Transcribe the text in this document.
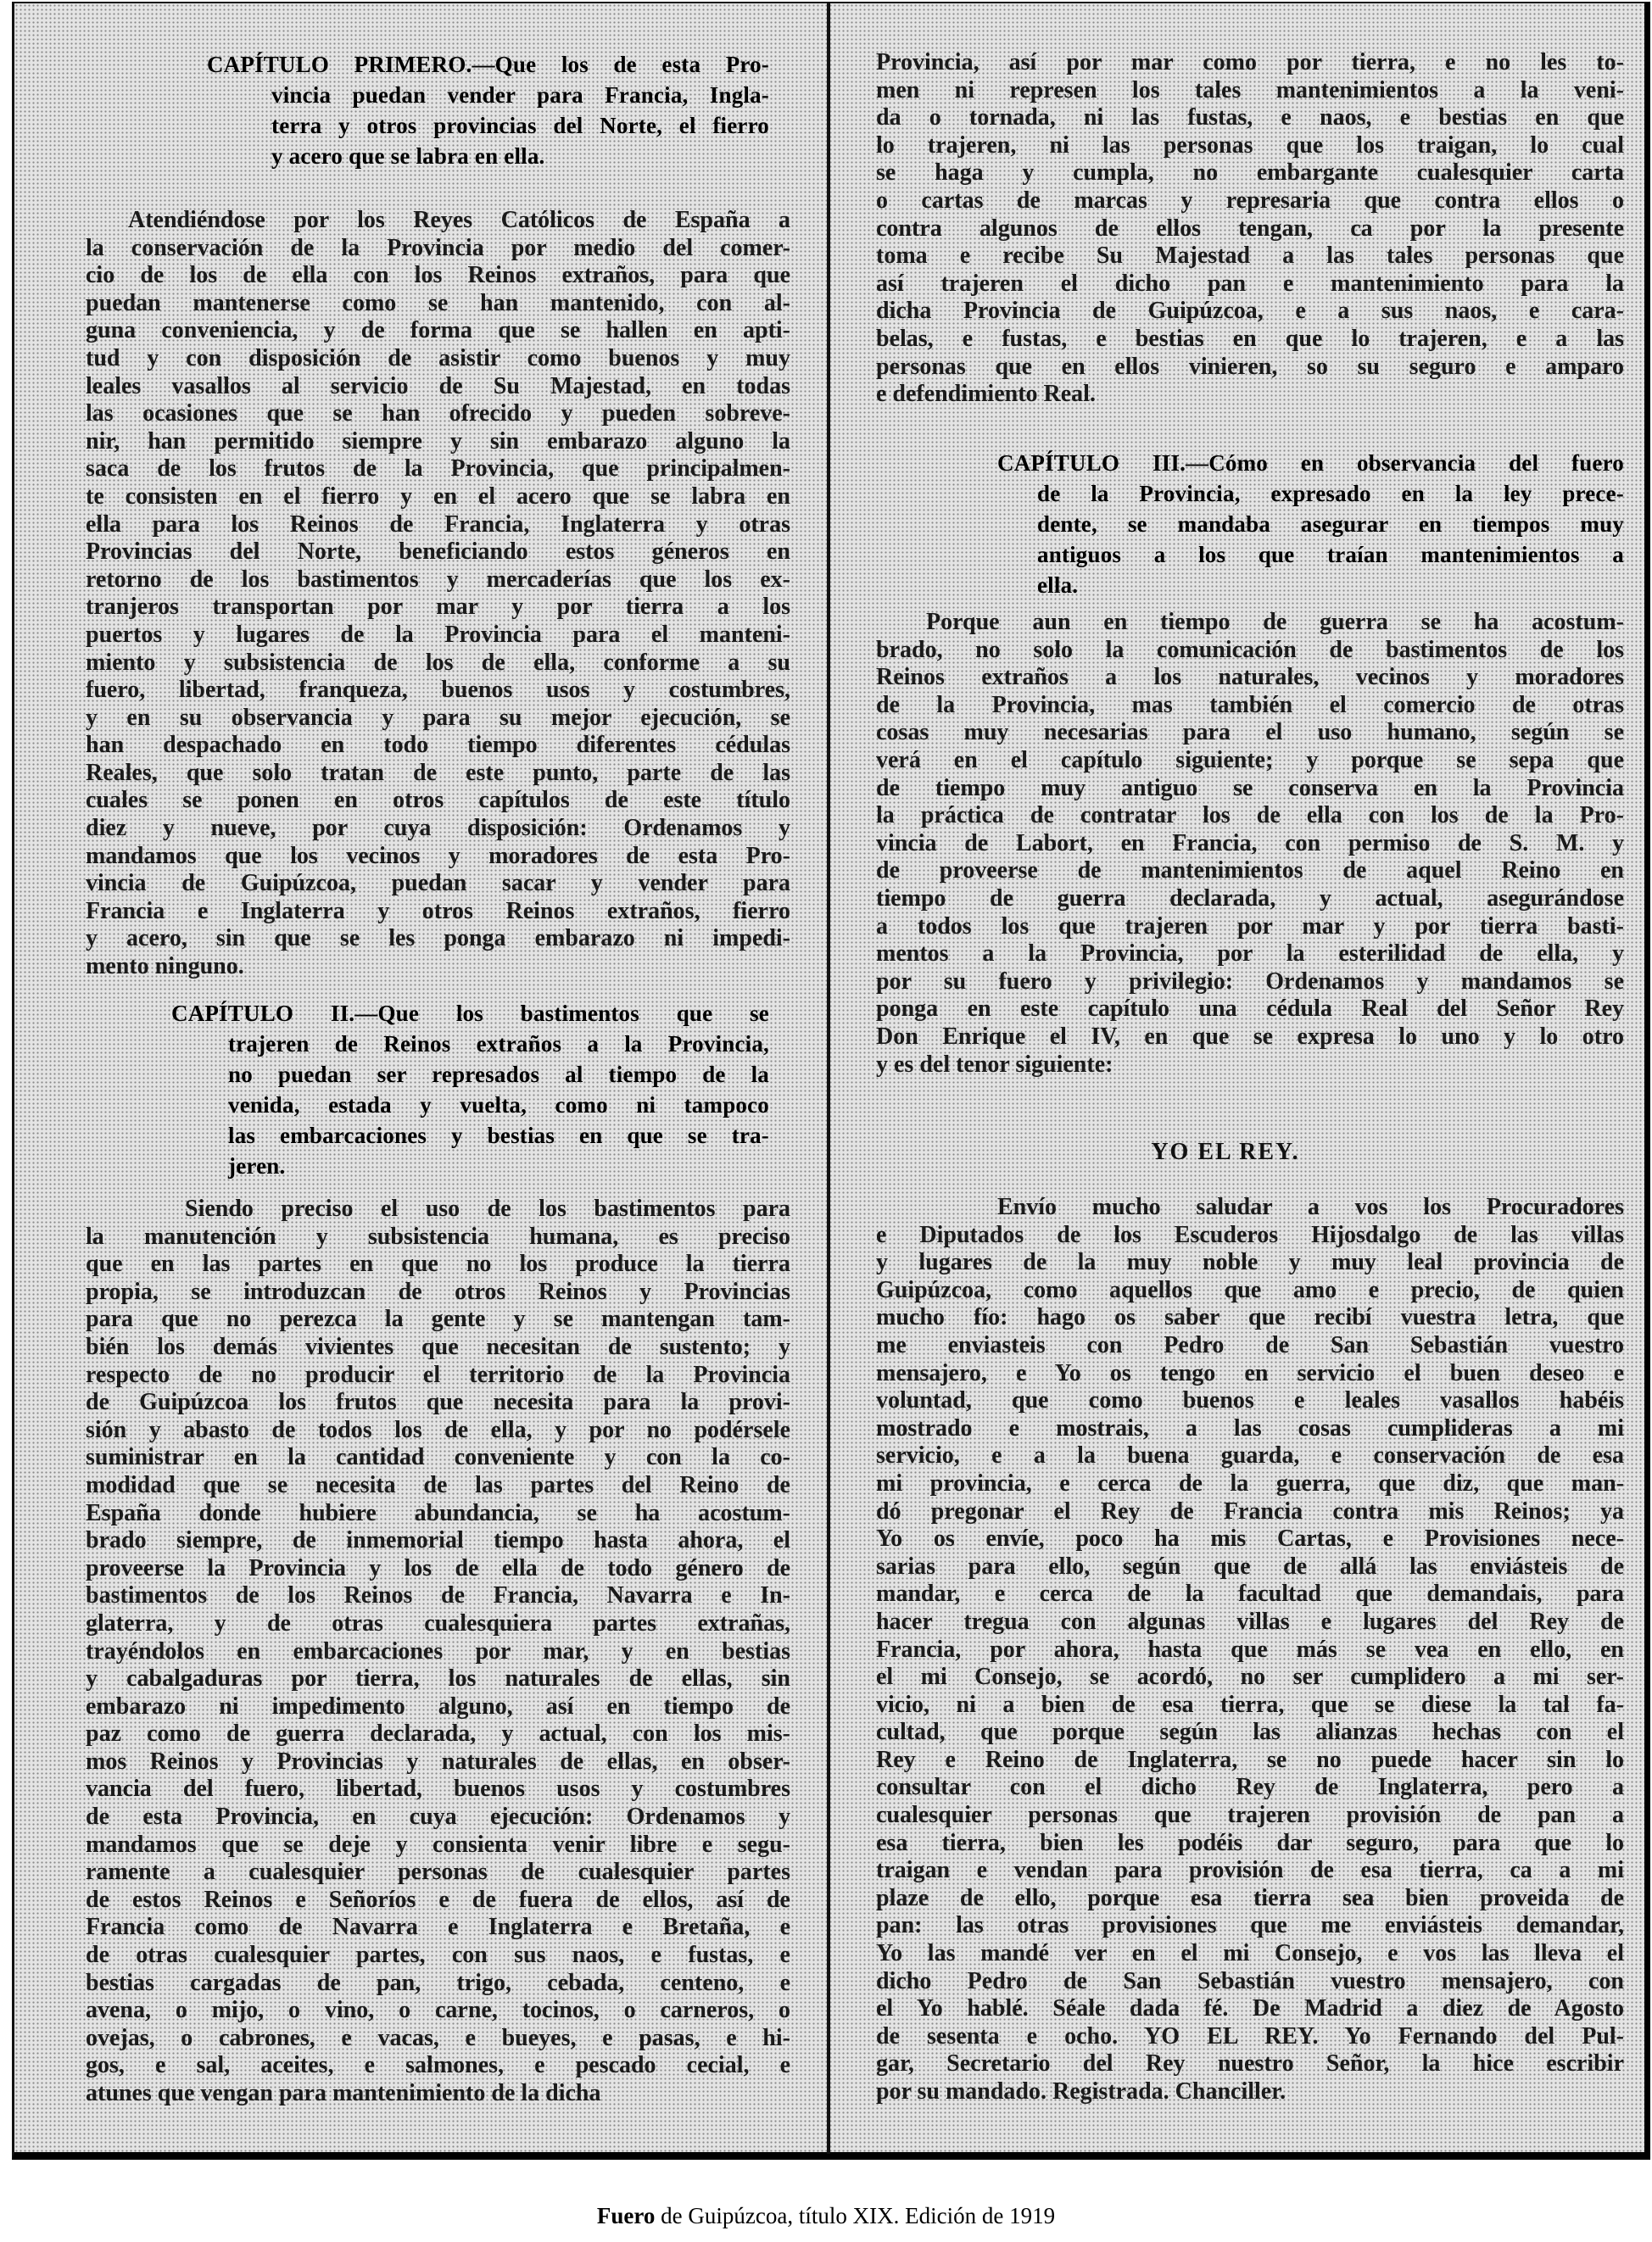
CAPÍTULO PRIMERO.—Que los de esta Pro-
vincia puedan vender para Francia, Ingla-
terra y otros provincias del Norte, el fierro
y acero que se labra en ella.
Atendiéndose por los Reyes Católicos de España a
la conservación de la Provincia por medio del comer-
cio de los de ella con los Reinos extraños, para que
puedan mantenerse como se han mantenido, con al-
guna conveniencia, y de forma que se hallen en apti-
tud y con disposición de asistir como buenos y muy
leales vasallos al servicio de Su Majestad, en todas
las ocasiones que se han ofrecido y pueden sobreve-
nir, han permitido siempre y sin embarazo alguno la
saca de los frutos de la Provincia, que principalmen-
te consisten en el fierro y en el acero que se labra en
ella para los Reinos de Francia, Inglaterra y otras
Provincias del Norte, beneficiando estos géneros en
retorno de los bastimentos y mercaderías que los ex-
tranjeros transportan por mar y por tierra a los
puertos y lugares de la Provincia para el manteni-
miento y subsistencia de los de ella, conforme a su
fuero, libertad, franqueza, buenos usos y costumbres,
y en su observancia y para su mejor ejecución, se
han despachado en todo tiempo diferentes cédulas
Reales, que solo tratan de este punto, parte de las
cuales se ponen en otros capítulos de este título
diez y nueve, por cuya disposición: Ordenamos y
mandamos que los vecinos y moradores de esta Pro-
vincia de Guipúzcoa, puedan sacar y vender para
Francia e Inglaterra y otros Reinos extraños, fierro
y acero, sin que se les ponga embarazo ni impedi-
mento ninguno.
CAPÍTULO II.—Que los bastimentos que se
trajeren de Reinos extraños a la Provincia,
no puedan ser represados al tiempo de la
venida, estada y vuelta, como ni tampoco
las embarcaciones y bestias en que se tra-
jeren.
Siendo preciso el uso de los bastimentos para
la manutención y subsistencia humana, es preciso
que en las partes en que no los produce la tierra
propia, se introduzcan de otros Reinos y Provincias
para que no perezca la gente y se mantengan tam-
bién los demás vivientes que necesitan de sustento; y
respecto de no producir el territorio de la Provincia
de Guipúzcoa los frutos que necesita para la provi-
sión y abasto de todos los de ella, y por no podérsele
suministrar en la cantidad conveniente y con la co-
modidad que se necesita de las partes del Reino de
España donde hubiere abundancia, se ha acostum-
brado siempre, de inmemorial tiempo hasta ahora, el
proveerse la Provincia y los de ella de todo género de
bastimentos de los Reinos de Francia, Navarra e In-
glaterra, y de otras cualesquiera partes extrañas,
trayéndolos en embarcaciones por mar, y en bestias
y cabalgaduras por tierra, los naturales de ellas, sin
embarazo ni impedimento alguno, así en tiempo de
paz como de guerra declarada, y actual, con los mis-
mos Reinos y Provincias y naturales de ellas, en obser-
vancia del fuero, libertad, buenos usos y costumbres
de esta Provincia, en cuya ejecución: Ordenamos y
mandamos que se deje y consienta venir libre e segu-
ramente a cualesquier personas de cualesquier partes
de estos Reinos e Señoríos e de fuera de ellos, así de
Francia como de Navarra e Inglaterra e Bretaña, e
de otras cualesquier partes, con sus naos, e fustas, e
bestias cargadas de pan, trigo, cebada, centeno, e
avena, o mijo, o vino, o carne, tocinos, o carneros, o
ovejas, o cabrones, e vacas, e bueyes, e pasas, e hi-
gos, e sal, aceites, e salmones, e pescado cecial, e
atunes que vengan para mantenimiento de la dicha
Provincia, así por mar como por tierra, e no les to-
men ni represen los tales mantenimientos a la veni-
da o tornada, ni las fustas, e naos, e bestias en que
lo trajeren, ni las personas que los traigan, lo cual
se haga y cumpla, no embargante cualesquier carta
o cartas de marcas y represaria que contra ellos o
contra algunos de ellos tengan, ca por la presente
toma e recibe Su Majestad a las tales personas que
así trajeren el dicho pan e mantenimiento para la
dicha Provincia de Guipúzcoa, e a sus naos, e cara-
belas, e fustas, e bestias en que lo trajeren, e a las
personas que en ellos vinieren, so su seguro e amparo
e defendimiento Real.
CAPÍTULO III.—Cómo en observancia del fuero
de la Provincia, expresado en la ley prece-
dente, se mandaba asegurar en tiempos muy
antiguos a los que traían mantenimientos a
ella.
Porque aun en tiempo de guerra se ha acostum-
brado, no solo la comunicación de bastimentos de los
Reinos extraños a los naturales, vecinos y moradores
de la Provincia, mas también el comercio de otras
cosas muy necesarias para el uso humano, según se
verá en el capítulo siguiente; y porque se sepa que
de tiempo muy antiguo se conserva en la Provincia
la práctica de contratar los de ella con los de la Pro-
vincia de Labort, en Francia, con permiso de S. M. y
de proveerse de mantenimientos de aquel Reino en
tiempo de guerra declarada, y actual, asegurándose
a todos los que trajeren por mar y por tierra basti-
mentos a la Provincia, por la esterilidad de ella, y
por su fuero y privilegio: Ordenamos y mandamos se
ponga en este capítulo una cédula Real del Señor Rey
Don Enrique el IV, en que se expresa lo uno y lo otro
y es del tenor siguiente:
YO EL REY.
Envío mucho saludar a vos los Procuradores
e Diputados de los Escuderos Hijosdalgo de las villas
y lugares de la muy noble y muy leal provincia de
Guipúzcoa, como aquellos que amo e precio, de quien
mucho fío: hago os saber que recibí vuestra letra, que
me enviasteis con Pedro de San Sebastián vuestro
mensajero, e Yo os tengo en servicio el buen deseo e
voluntad, que como buenos e leales vasallos habéis
mostrado e mostrais, a las cosas cumplideras a mi
servicio, e a la buena guarda, e conservación de esa
mi provincia, e cerca de la guerra, que diz, que man-
dó pregonar el Rey de Francia contra mis Reinos; ya
Yo os envíe, poco ha mis Cartas, e Provisiones nece-
sarias para ello, según que de allá las enviásteis de
mandar, e cerca de la facultad que demandais, para
hacer tregua con algunas villas e lugares del Rey de
Francia, por ahora, hasta que más se vea en ello, en
el mi Consejo, se acordó, no ser cumplidero a mi ser-
vicio, ni a bien de esa tierra, que se diese la tal fa-
cultad, que porque según las alianzas hechas con el
Rey e Reino de Inglaterra, se no puede hacer sin lo
consultar con el dicho Rey de Inglaterra, pero a
cualesquier personas que trajeren provisión de pan a
esa tierra, bien les podéis dar seguro, para que lo
traigan e vendan para provisión de esa tierra, ca a mi
plaze de ello, porque esa tierra sea bien proveida de
pan: las otras provisiones que me enviásteis demandar,
Yo las mandé ver en el mi Consejo, e vos las lleva el
dicho Pedro de San Sebastián vuestro mensajero, con
el Yo hablé. Séale dada fé. De Madrid a diez de Agosto
de sesenta e ocho. YO EL REY. Yo Fernando del Pul-
gar, Secretario del Rey nuestro Señor, la hice escribir
por su mandado. Registrada. Chanciller.
Fuero de Guipúzcoa, título XIX. Edición de 1919
